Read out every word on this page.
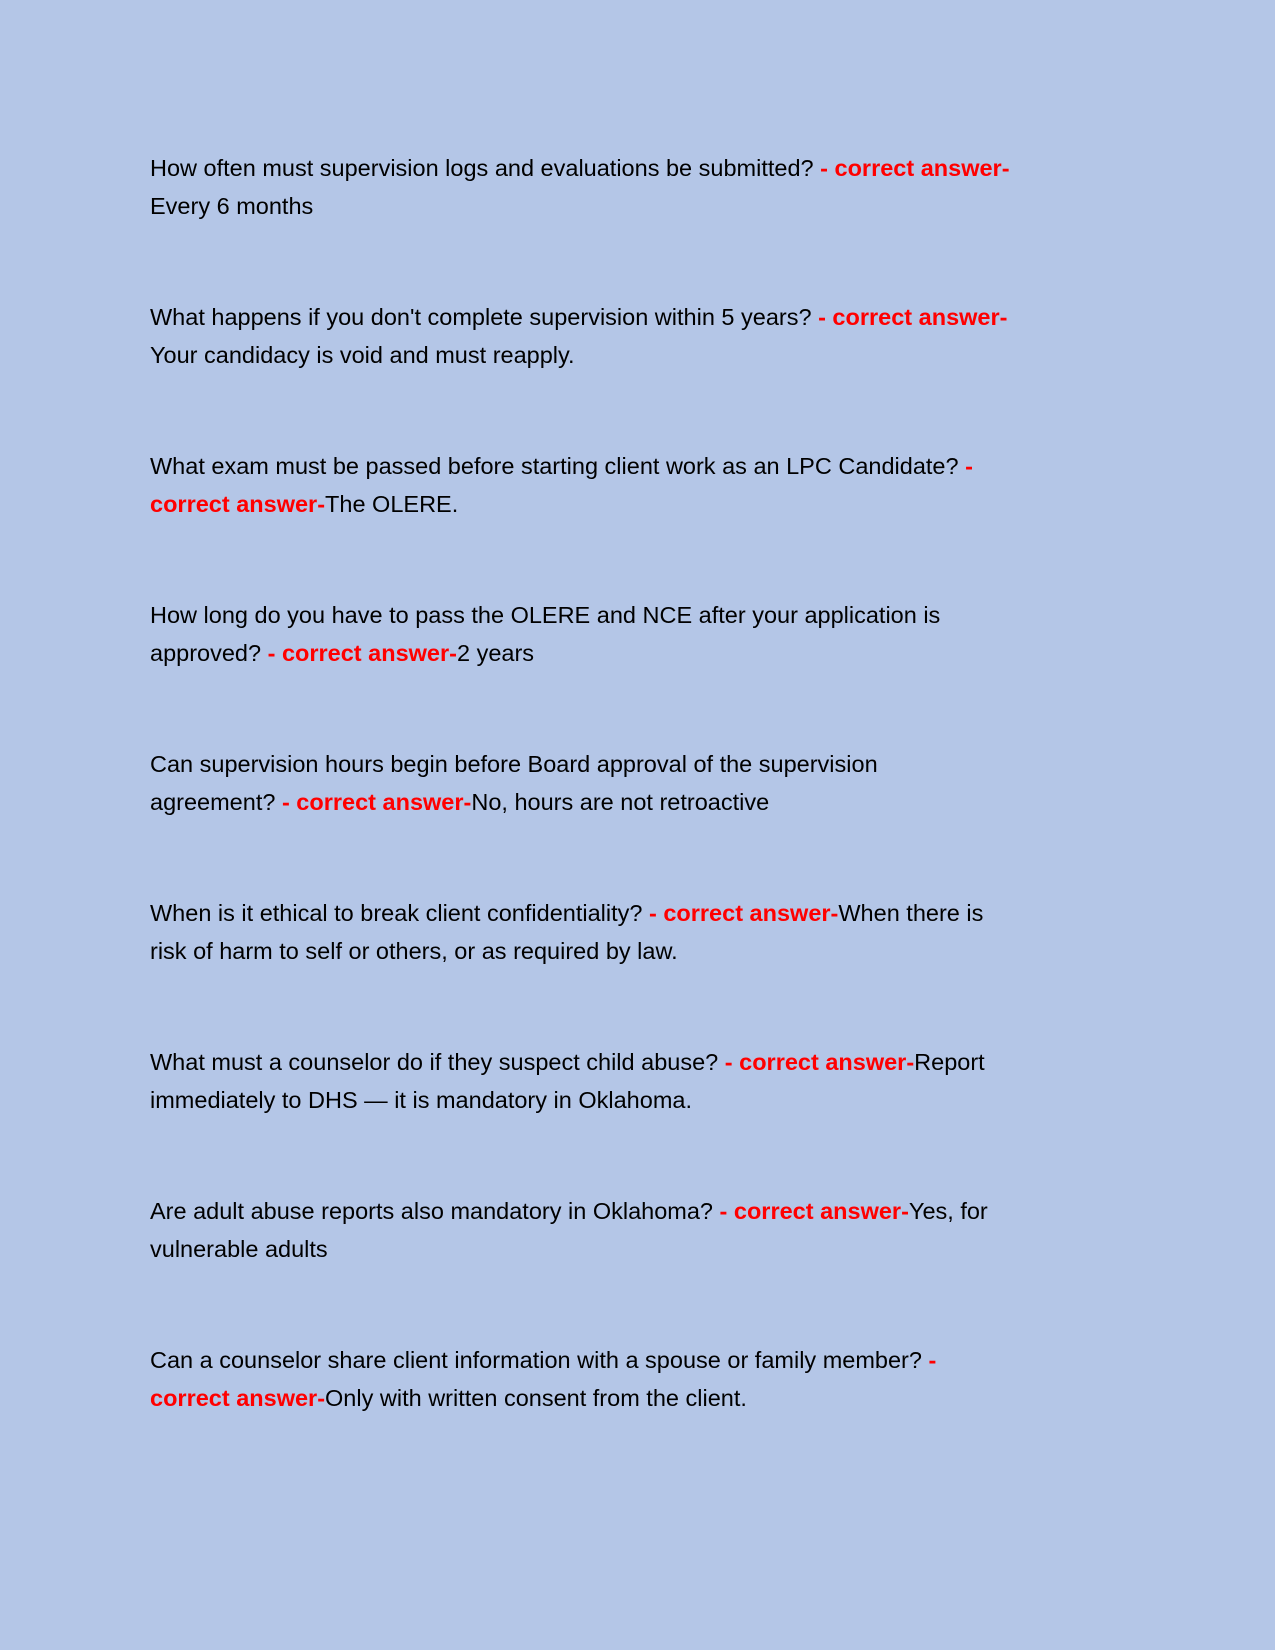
How often must supervision logs and evaluations be submitted? - correct answer-
Every 6 months
What happens if you don't complete supervision within 5 years? - correct answer-
Your candidacy is void and must reapply.
What exam must be passed before starting client work as an LPC Candidate? -
correct answer-The OLERE.
How long do you have to pass the OLERE and NCE after your application is
approved? - correct answer-2 years
Can supervision hours begin before Board approval of the supervision
agreement? - correct answer-No, hours are not retroactive
When is it ethical to break client confidentiality? - correct answer-When there is
risk of harm to self or others, or as required by law.
What must a counselor do if they suspect child abuse? - correct answer-Report
immediately to DHS — it is mandatory in Oklahoma.
Are adult abuse reports also mandatory in Oklahoma? - correct answer-Yes, for
vulnerable adults
Can a counselor share client information with a spouse or family member? -
correct answer-Only with written consent from the client.
